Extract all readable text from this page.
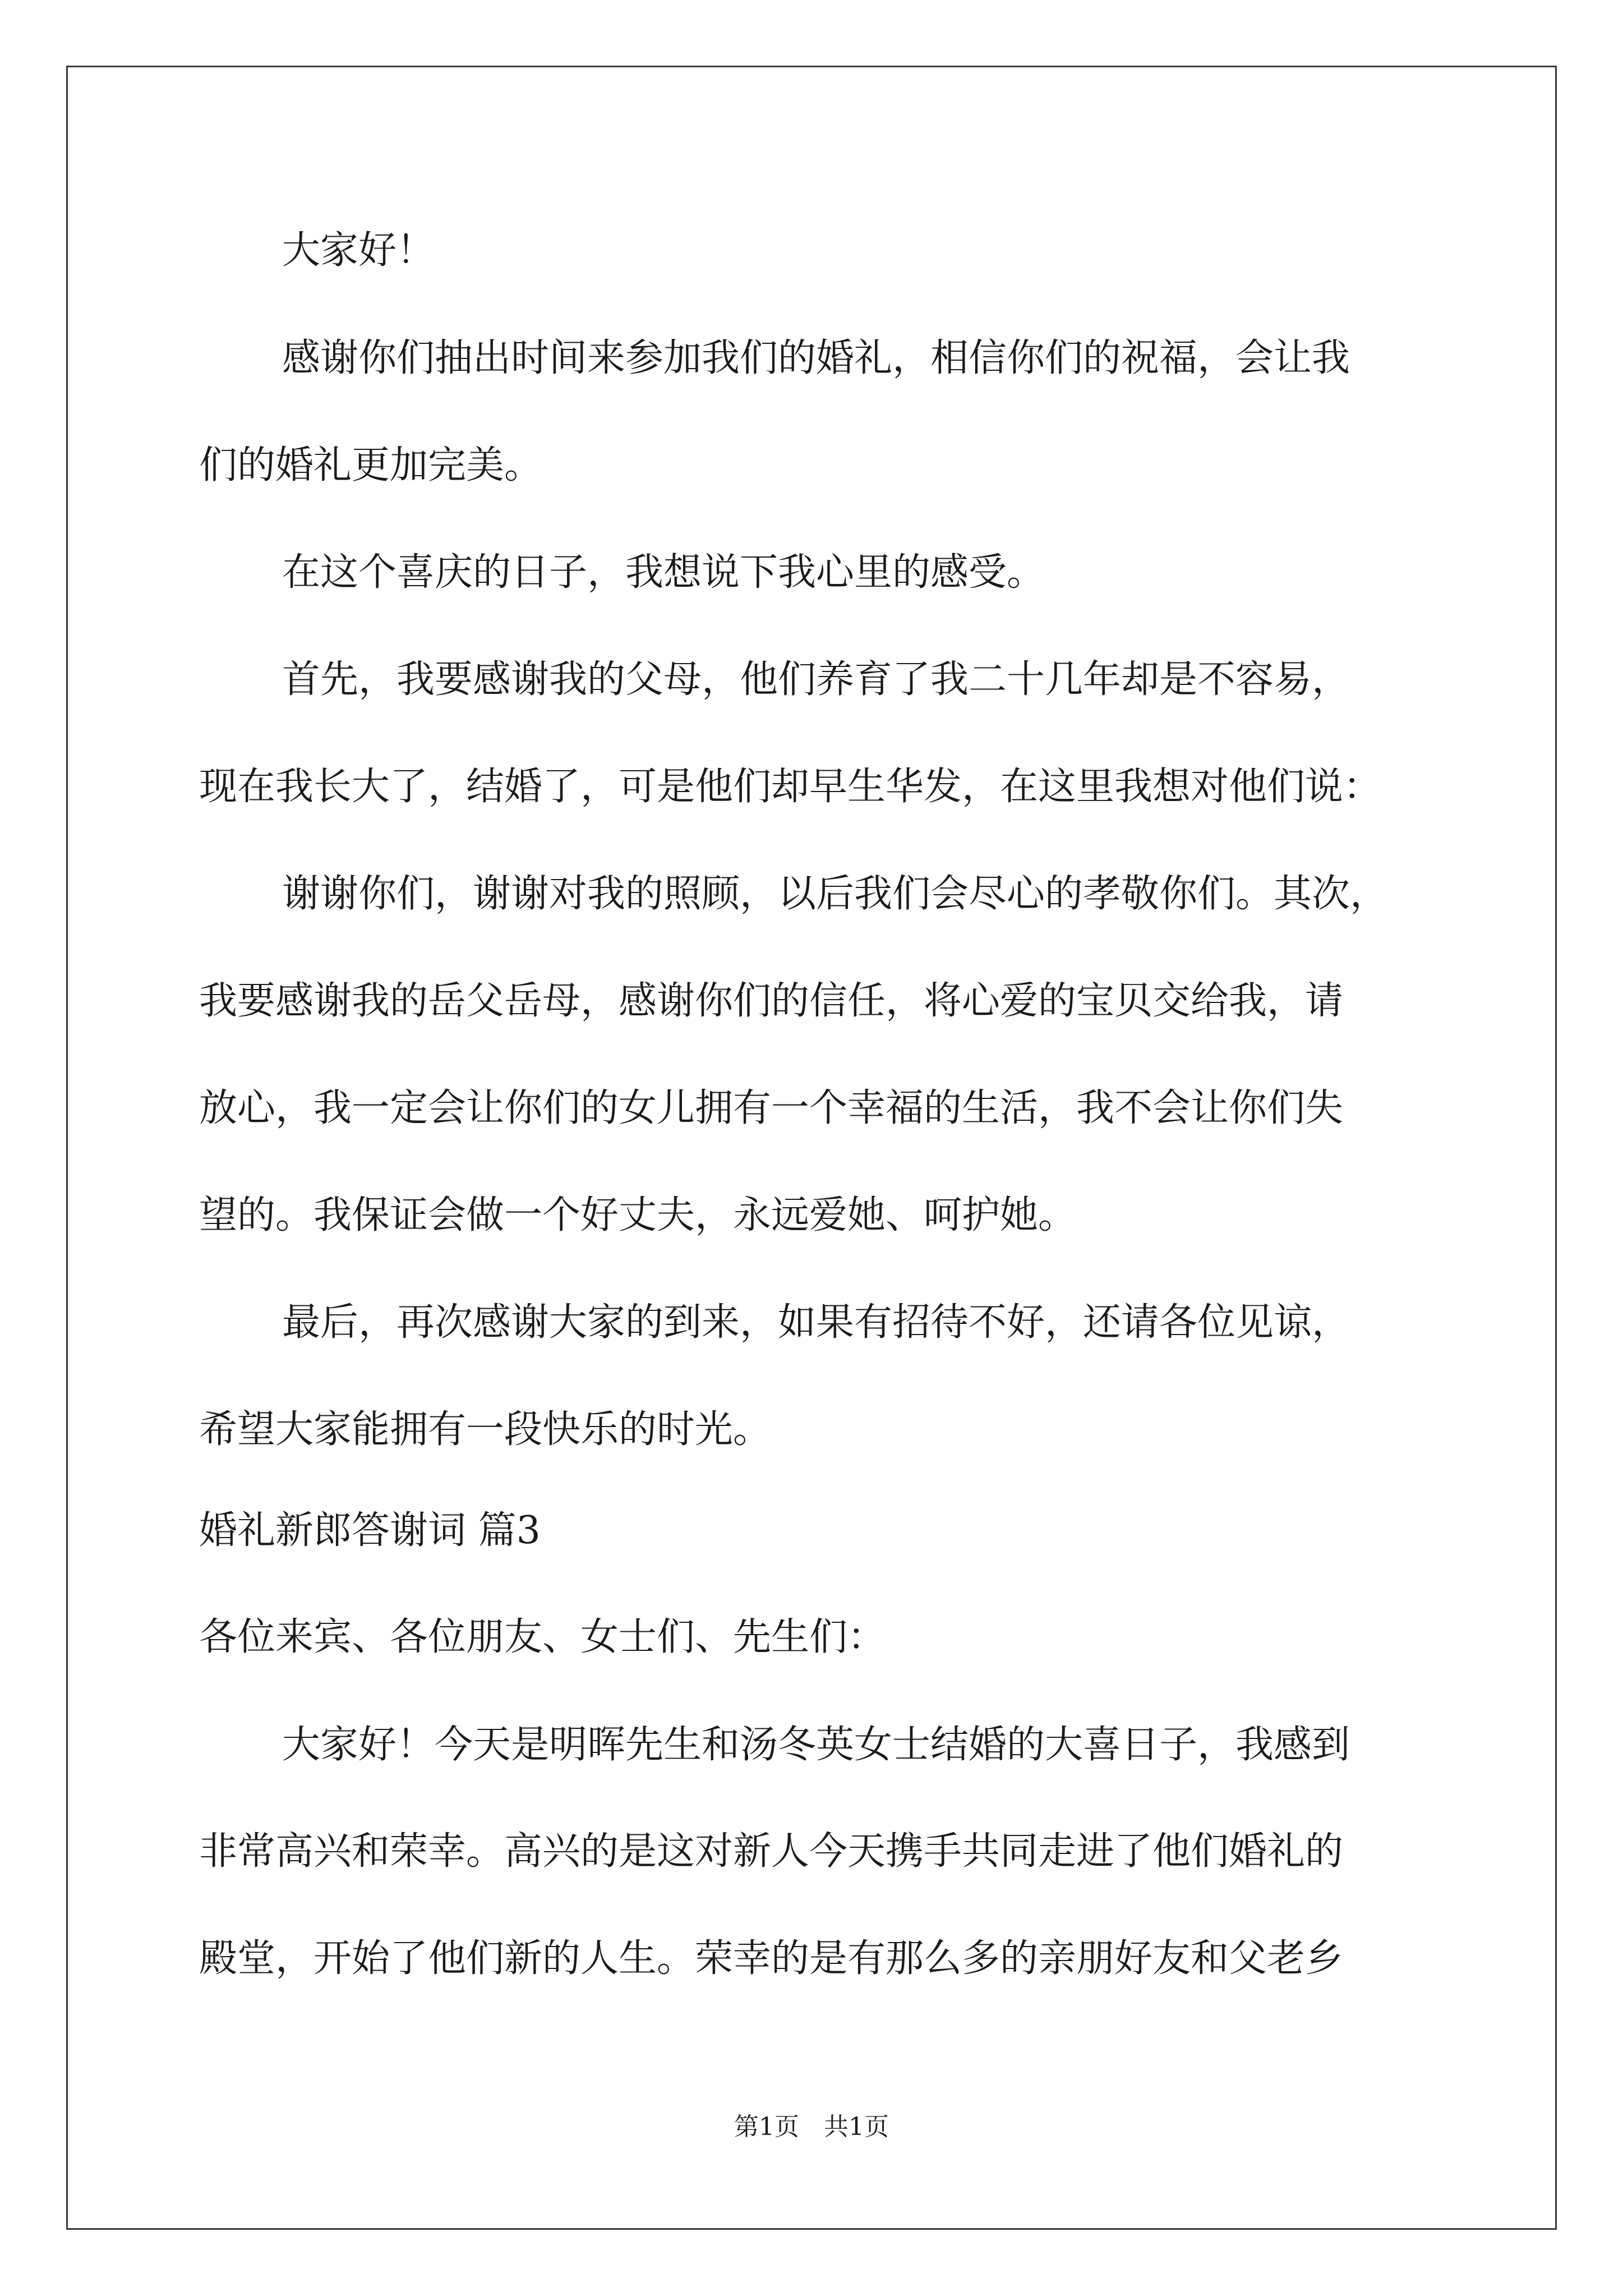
大家好！
感谢你们抽出时间来参加我们的婚礼，相信你们的祝福，会让我
们的婚礼更加完美。
在这个喜庆的日子，我想说下我心里的感受。
首先，我要感谢我的父母，他们养育了我二十几年却是不容易，
现在我长大了，结婚了，可是他们却早生华发，在这里我想对他们说：
谢谢你们，谢谢对我的照顾，以后我们会尽心的孝敬你们。其次，
我要感谢我的岳父岳母，感谢你们的信任，将心爱的宝贝交给我，请
放心，我一定会让你们的女儿拥有一个幸福的生活，我不会让你们失
望的。我保证会做一个好丈夫，永远爱她、呵护她。
最后，再次感谢大家的到来，如果有招待不好，还请各位见谅，
希望大家能拥有一段快乐的时光。
婚礼新郎答谢词 篇3
各位来宾、各位朋友、女士们、先生们：
大家好！今天是明晖先生和汤冬英女士结婚的大喜日子，我感到
非常高兴和荣幸。高兴的是这对新人今天携手共同走进了他们婚礼的
殿堂，开始了他们新的人生。荣幸的是有那么多的亲朋好友和父老乡
第1页　共1页
